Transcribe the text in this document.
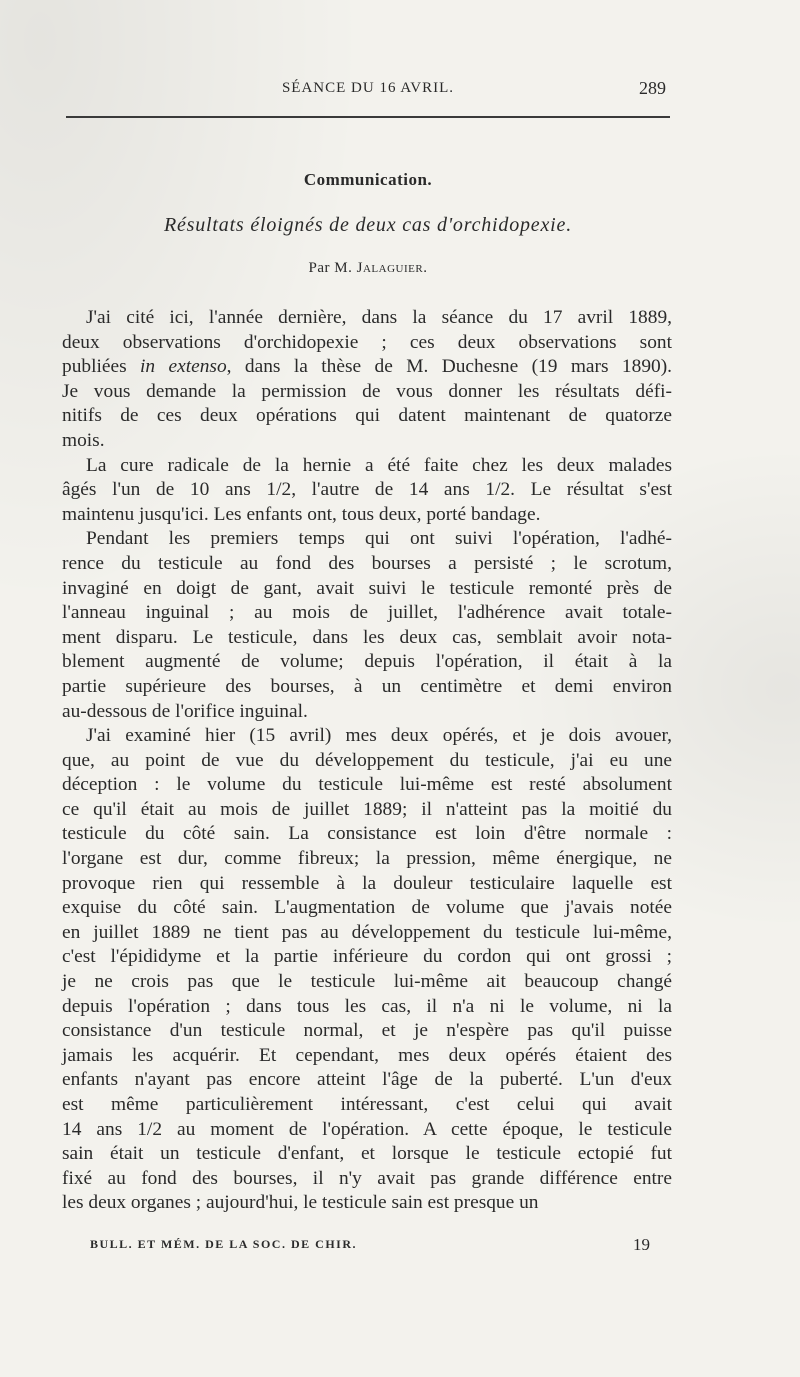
SÉANCE DU 16 AVRIL.	289
Communication.
Résultats éloignés de deux cas d'orchidopexie.
Par M. Jalaguier.
J'ai cité ici, l'année dernière, dans la séance du 17 avril 1889,
deux observations d'orchidopexie ; ces deux observations sont
publiées in extenso, dans la thèse de M. Duchesne (19 mars 1890).
Je vous demande la permission de vous donner les résultats défi-
nitifs de ces deux opérations qui datent maintenant de quatorze
mois.
La cure radicale de la hernie a été faite chez les deux malades
âgés l'un de 10 ans 1/2, l'autre de 14 ans 1/2. Le résultat s'est
maintenu jusqu'ici. Les enfants ont, tous deux, porté bandage.
Pendant les premiers temps qui ont suivi l'opération, l'adhé-
rence du testicule au fond des bourses a persisté ; le scrotum,
invaginé en doigt de gant, avait suivi le testicule remonté près de
l'anneau inguinal ; au mois de juillet, l'adhérence avait totale-
ment disparu. Le testicule, dans les deux cas, semblait avoir nota-
blement augmenté de volume; depuis l'opération, il était à la
partie supérieure des bourses, à un centimètre et demi environ
au-dessous de l'orifice inguinal.
J'ai examiné hier (15 avril) mes deux opérés, et je dois avouer,
que, au point de vue du développement du testicule, j'ai eu une
déception : le volume du testicule lui-même est resté absolument
ce qu'il était au mois de juillet 1889; il n'atteint pas la moitié du
testicule du côté sain. La consistance est loin d'être normale :
l'organe est dur, comme fibreux; la pression, même énergique, ne
provoque rien qui ressemble à la douleur testiculaire laquelle est
exquise du côté sain. L'augmentation de volume que j'avais notée
en juillet 1889 ne tient pas au développement du testicule lui-même,
c'est l'épididyme et la partie inférieure du cordon qui ont grossi ;
je ne crois pas que le testicule lui-même ait beaucoup changé
depuis l'opération ; dans tous les cas, il n'a ni le volume, ni la
consistance d'un testicule normal, et je n'espère pas qu'il puisse
jamais les acquérir. Et cependant, mes deux opérés étaient des
enfants n'ayant pas encore atteint l'âge de la puberté. L'un d'eux
est même particulièrement intéressant, c'est celui qui avait
14 ans 1/2 au moment de l'opération. A cette époque, le testicule
sain était un testicule d'enfant, et lorsque le testicule ectopié fut
fixé au fond des bourses, il n'y avait pas grande différence entre
les deux organes ; aujourd'hui, le testicule sain est presque un
BULL. ET MÉM. DE LA SOC. DE CHIR.	19
